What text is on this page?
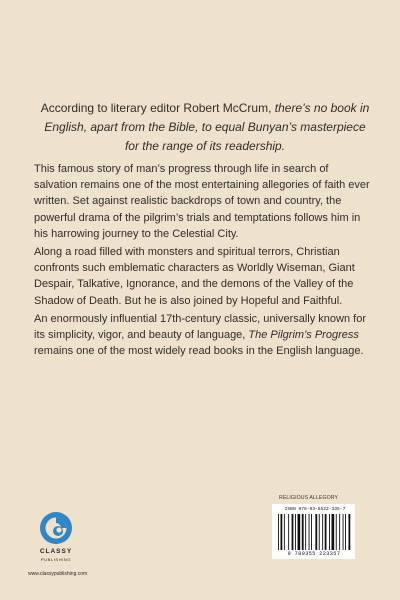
According to literary editor Robert McCrum, there’s no book in English, apart from the Bible, to equal Bunyan’s masterpiece for the range of its readership.

This famous story of man’s progress through life in search of salvation remains one of the most entertaining allegories of faith ever written. Set against realistic backdrops of town and country, the powerful drama of the pilgrim’s trials and temptations follows him in his harrowing journey to the Celestial City.

Along a road filled with monsters and spiritual terrors, Christian confronts such emblematic characters as Worldly Wiseman, Giant Despair, Talkative, Ignorance, and the demons of the Valley of the Shadow of Death. But he is also joined by Hopeful and Faithful.

An enormously influential 17th-century classic, universally known for its simplicity, vigor, and beauty of language, The Pilgrim’s Progress remains one of the most widely read books in the English language.

CLASSY
PUBLISHING
www.classypublishing.com
RELIGIOUS ALLEGORY
ISBN 978-93-5522-335-7
9 789355 223357
